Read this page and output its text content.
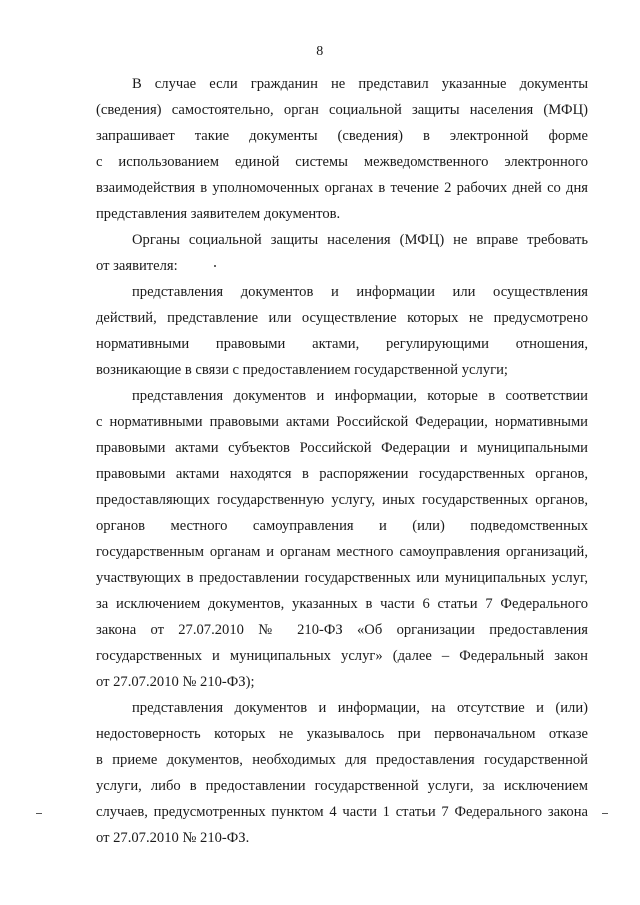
8
В случае если гражданин не представил указанные документы
(сведения) самостоятельно, орган социальной защиты населения (МФЦ)
запрашивает такие документы (сведения) в электронной форме
с использованием единой системы межведомственного электронного
взаимодействия в уполномоченных органах в течение 2 рабочих дней со дня
представления заявителем документов.
Органы социальной защиты населения (МФЦ) не вправе требовать
от заявителя:
представления документов и информации или осуществления
действий, представление или осуществление которых не предусмотрено
нормативными правовыми актами, регулирующими отношения,
возникающие в связи с предоставлением государственной услуги;
представления документов и информации, которые в соответствии
с нормативными правовыми актами Российской Федерации, нормативными
правовыми актами субъектов Российской Федерации и муниципальными
правовыми актами находятся в распоряжении государственных органов,
предоставляющих государственную услугу, иных государственных органов,
органов местного самоуправления и (или) подведомственных
государственным органам и органам местного самоуправления организаций,
участвующих в предоставлении государственных или муниципальных услуг,
за исключением документов, указанных в части 6 статьи 7 Федерального
закона от 27.07.2010 № 210-ФЗ «Об организации предоставления
государственных и муниципальных услуг» (далее – Федеральный закон
от 27.07.2010 № 210-ФЗ);
представления документов и информации, на отсутствие и (или)
недостоверность которых не указывалось при первоначальном отказе
в приеме документов, необходимых для предоставления государственной
услуги, либо в предоставлении государственной услуги, за исключением
случаев, предусмотренных пунктом 4 части 1 статьи 7 Федерального закона
от 27.07.2010 № 210-ФЗ.
